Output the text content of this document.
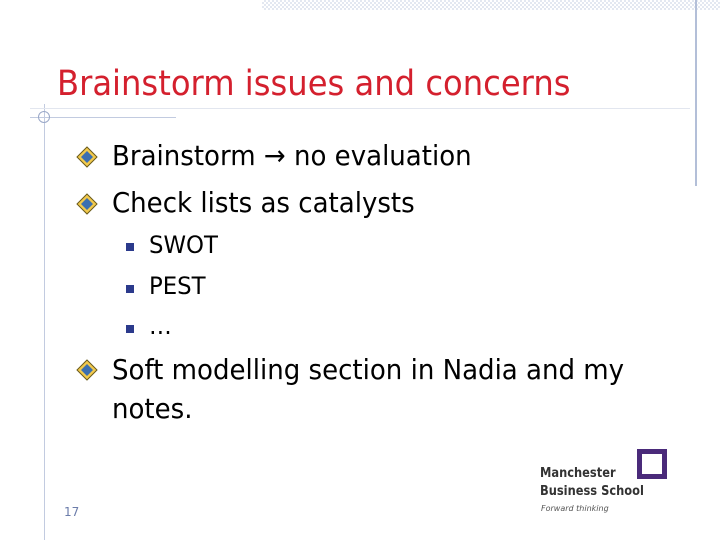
Brainstorm issues and concerns
Brainstorm → no evaluation
Check lists as catalysts
SWOT
PEST
…
Soft modelling section in Nadia and my
notes.
17
Manchester
Business School
Forward thinking
